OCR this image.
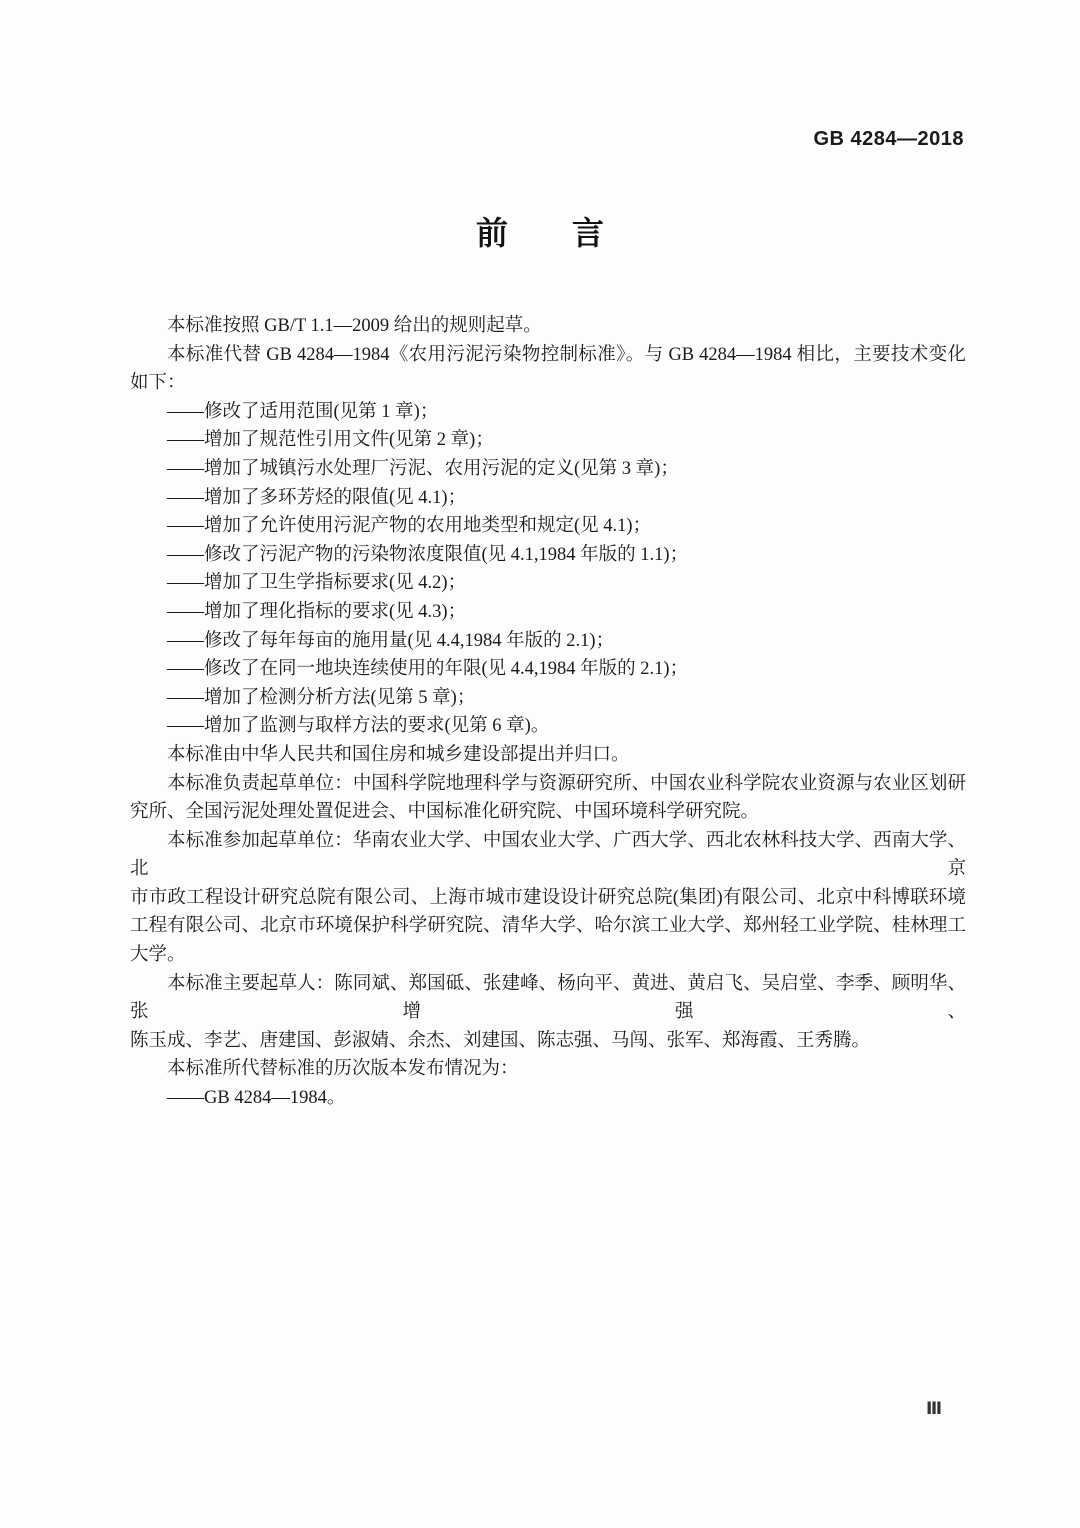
GB 4284—2018
前 言

本标准按照 GB/T 1.1—2009 给出的规则起草。

本标准代替 GB 4284—1984《农用污泥污染物控制标准》。与 GB 4284—1984 相比，主要技术变化

如下：

——修改了适用范围(见第 1 章)；

——增加了规范性引用文件(见第 2 章)；

——增加了城镇污水处理厂污泥、农用污泥的定义(见第 3 章)；

——增加了多环芳烃的限值(见 4.1)；

——增加了允许使用污泥产物的农用地类型和规定(见 4.1)；

——修改了污泥产物的污染物浓度限值(见 4.1,1984 年版的 1.1)；

——增加了卫生学指标要求(见 4.2)；

——增加了理化指标的要求(见 4.3)；

——修改了每年每亩的施用量(见 4.4,1984 年版的 2.1)；

——修改了在同一地块连续使用的年限(见 4.4,1984 年版的 2.1)；

——增加了检测分析方法(见第 5 章)；

——增加了监测与取样方法的要求(见第 6 章)。

本标准由中华人民共和国住房和城乡建设部提出并归口。

本标准负责起草单位：中国科学院地理科学与资源研究所、中国农业科学院农业资源与农业区划研

究所、全国污泥处理处置促进会、中国标准化研究院、中国环境科学研究院。

本标准参加起草单位：华南农业大学、中国农业大学、广西大学、西北农林科技大学、西南大学、北京

市市政工程设计研究总院有限公司、上海市城市建设设计研究总院(集团)有限公司、北京中科博联环境

工程有限公司、北京市环境保护科学研究院、清华大学、哈尔滨工业大学、郑州轻工业学院、桂林理工

大学。

本标准主要起草人：陈同斌、郑国砥、张建峰、杨向平、黄进、黄启飞、吴启堂、李季、顾明华、张增强、

陈玉成、李艺、唐建国、彭淑婧、余杰、刘建国、陈志强、马闯、张军、郑海霞、王秀腾。

本标准所代替标准的历次版本发布情况为：

——GB 4284—1984。

Ⅲ
